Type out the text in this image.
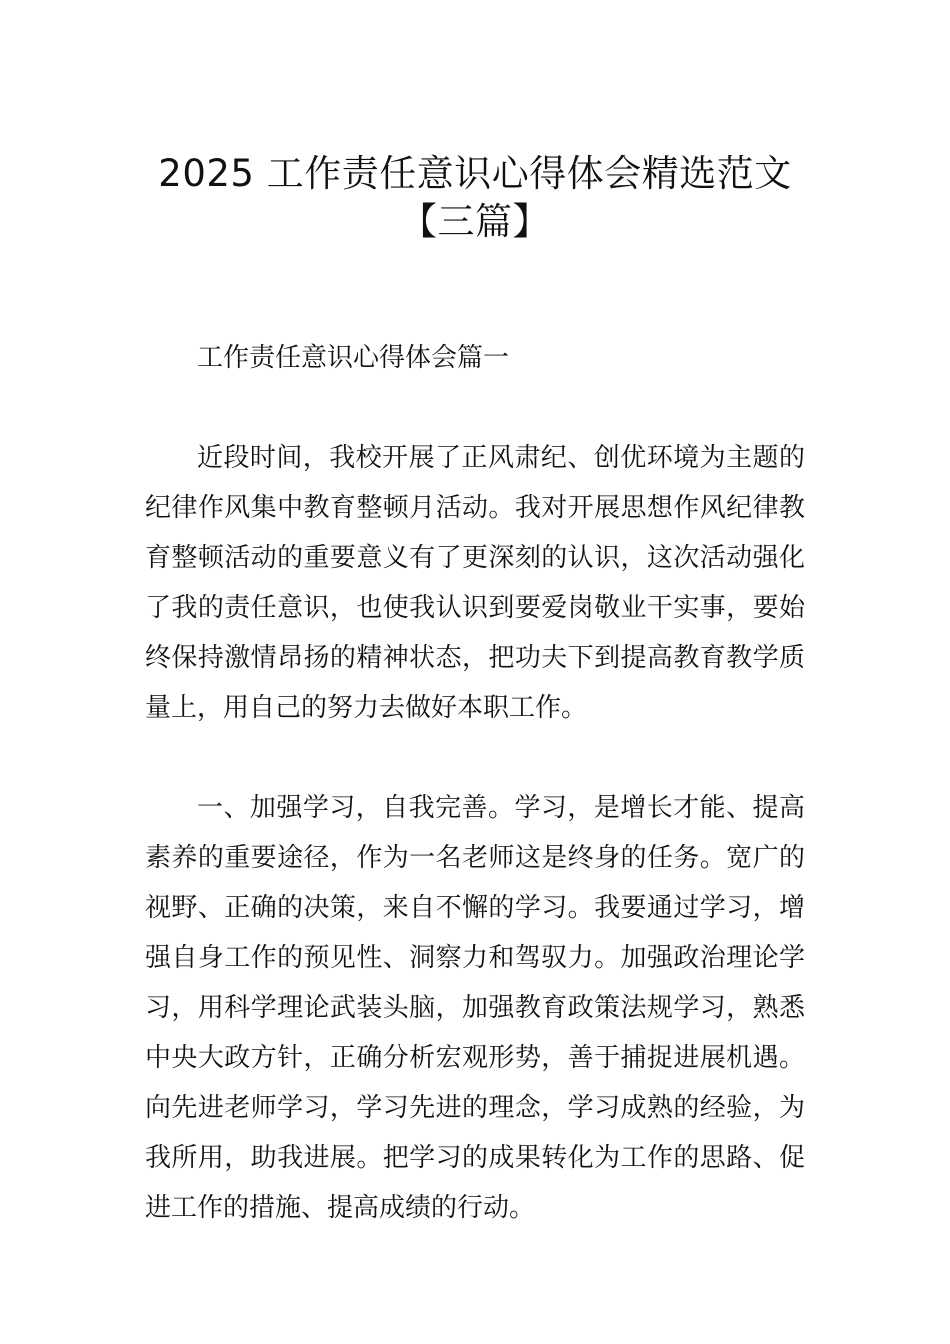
2025 工作责任意识心得体会精选范文【三篇】

工作责任意识心得体会篇一

近段时间，我校开展了正风肃纪、创优环境为主题的纪律作风集中教育整顿月活动。我对开展思想作风纪律教育整顿活动的重要意义有了更深刻的认识，这次活动强化了我的责任意识，也使我认识到要爱岗敬业干实事，要始终保持激情昂扬的精神状态，把功夫下到提高教育教学质量上，用自己的努力去做好本职工作。

一、加强学习，自我完善。学习，是增长才能、提高素养的重要途径，作为一名老师这是终身的任务。宽广的视野、正确的决策，来自不懈的学习。我要通过学习，增强自身工作的预见性、洞察力和驾驭力。加强政治理论学习，用科学理论武装头脑，加强教育政策法规学习，熟悉中央大政方针，正确分析宏观形势，善于捕捉进展机遇。向先进老师学习，学习先进的理念，学习成熟的经验，为我所用，助我进展。把学习的成果转化为工作的思路、促进工作的措施、提高成绩的行动。
